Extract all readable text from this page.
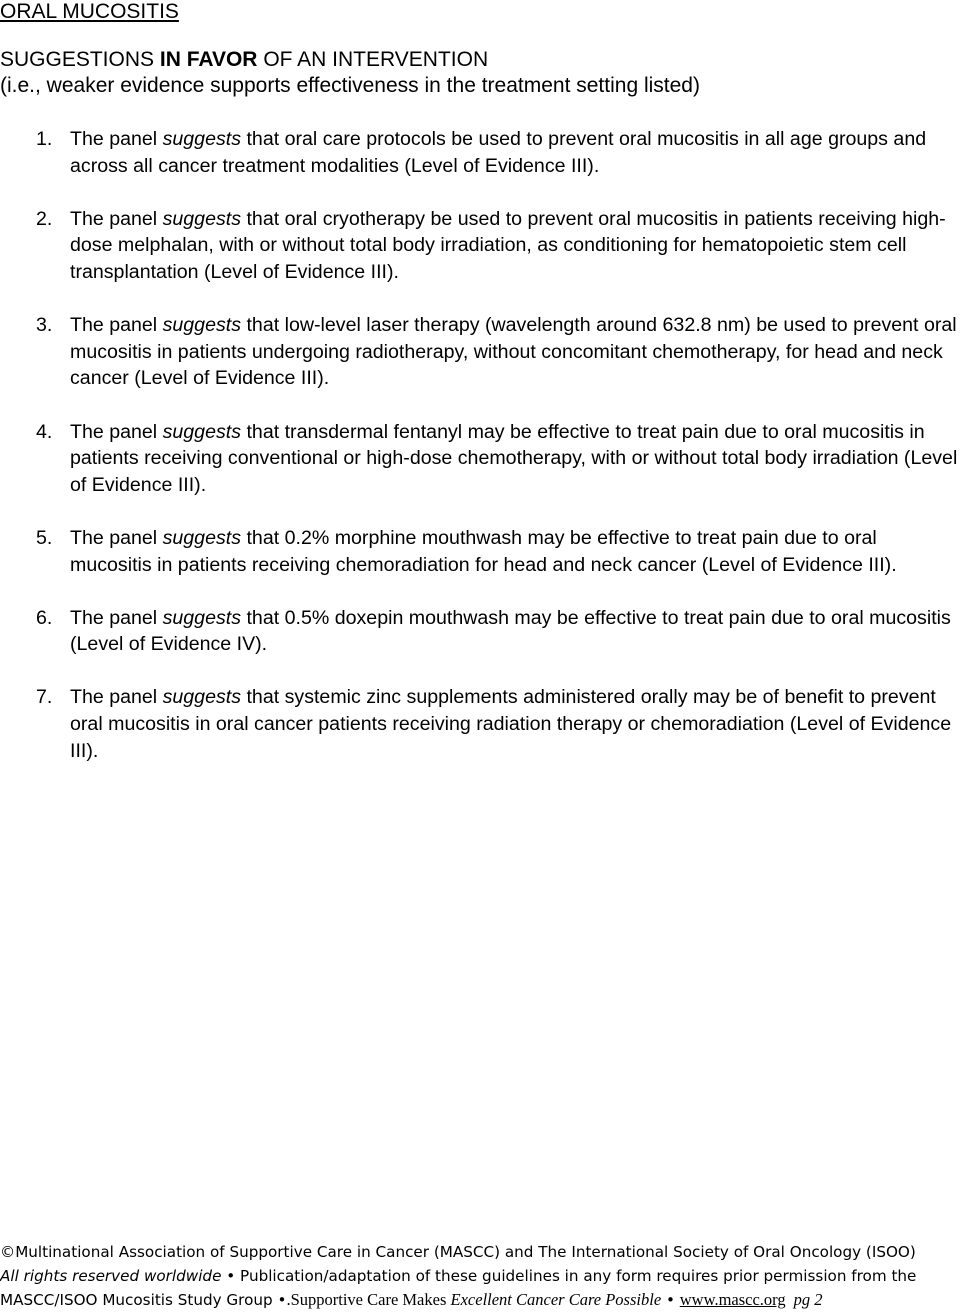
ORAL MUCOSITIS
SUGGESTIONS IN FAVOR OF AN INTERVENTION
(i.e., weaker evidence supports effectiveness in the treatment setting listed)
1. The panel suggests that oral care protocols be used to prevent oral mucositis in all age groups and across all cancer treatment modalities (Level of Evidence III).
2. The panel suggests that oral cryotherapy be used to prevent oral mucositis in patients receiving high-dose melphalan, with or without total body irradiation, as conditioning for hematopoietic stem cell transplantation (Level of Evidence III).
3. The panel suggests that low-level laser therapy (wavelength around 632.8 nm) be used to prevent oral mucositis in patients undergoing radiotherapy, without concomitant chemotherapy, for head and neck cancer (Level of Evidence III).
4. The panel suggests that transdermal fentanyl may be effective to treat pain due to oral mucositis in patients receiving conventional or high-dose chemotherapy, with or without total body irradiation (Level of Evidence III).
5. The panel suggests that 0.2% morphine mouthwash may be effective to treat pain due to oral mucositis in patients receiving chemoradiation for head and neck cancer (Level of Evidence III).
6. The panel suggests that 0.5% doxepin mouthwash may be effective to treat pain due to oral mucositis (Level of Evidence IV).
7. The panel suggests that systemic zinc supplements administered orally may be of benefit to prevent oral mucositis in oral cancer patients receiving radiation therapy or chemoradiation (Level of Evidence III).
©Multinational Association of Supportive Care in Cancer (MASCC) and The International Society of Oral Oncology (ISOO)
All rights reserved worldwide • Publication/adaptation of these guidelines in any form requires prior permission from the
MASCC/ISOO Mucositis Study Group •.Supportive Care Makes Excellent Cancer Care Possible • www.mascc.org pg 2
